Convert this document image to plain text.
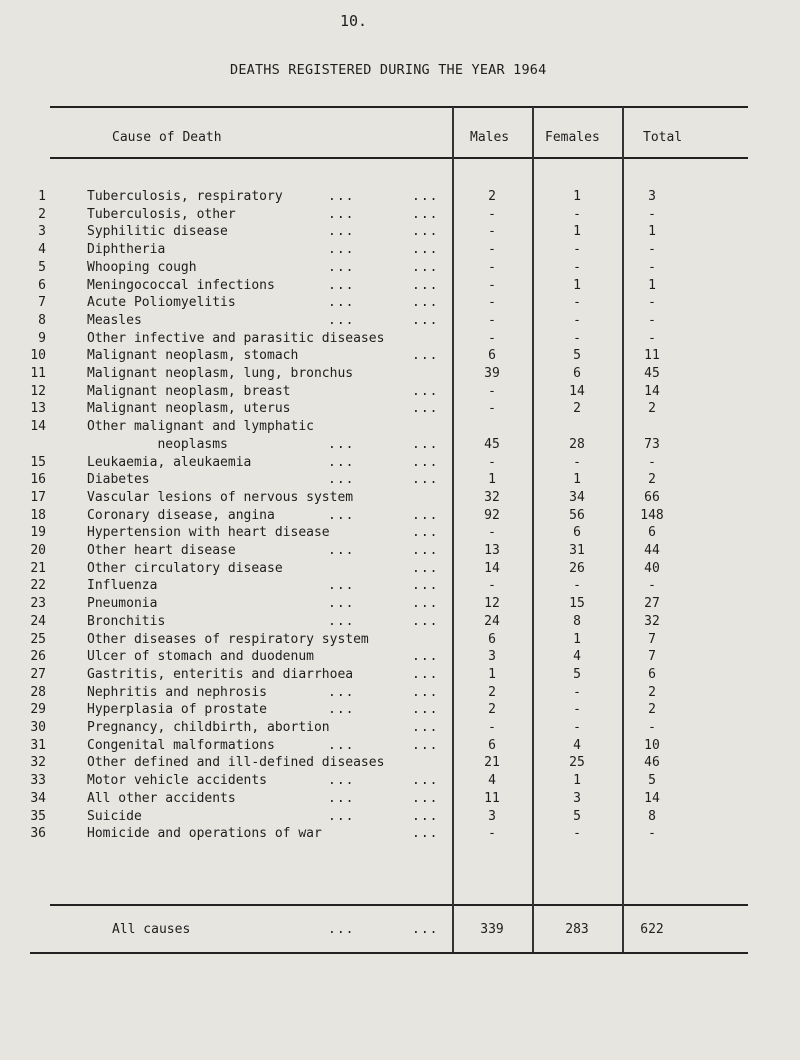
10.
DEATHS REGISTERED DURING THE YEAR 1964
Cause of Death	Males	Females	Total
1	Tuberculosis, respiratory	...	...	2	1	3
2	Tuberculosis, other	...	...	-	-	-
3	Syphilitic disease	...	...	-	1	1
4	Diphtheria	...	...	-	-	-
5	Whooping cough	...	...	-	-	-
6	Meningococcal infections	...	...	-	1	1
7	Acute Poliomyelitis	...	...	-	-	-
8	Measles	...	...	-	-	-
9	Other infective and parasitic diseases	-	-	-
10	Malignant neoplasm, stomach	...	6	5	11
11	Malignant neoplasm, lung, bronchus	39	6	45
12	Malignant neoplasm, breast	...	-	14	14
13	Malignant neoplasm, uterus	...	-	2	2
14	Other malignant and lymphatic
neoplasms	...	...	45	28	73
15	Leukaemia, aleukaemia	...	...	-	-	-
16	Diabetes	...	...	1	1	2
17	Vascular lesions of nervous system	32	34	66
18	Coronary disease, angina	...	...	92	56	148
19	Hypertension with heart disease	...	-	6	6
20	Other heart disease	...	...	13	31	44
21	Other circulatory disease	...	14	26	40
22	Influenza	...	...	-	-	-
23	Pneumonia	...	...	12	15	27
24	Bronchitis	...	...	24	8	32
25	Other diseases of respiratory system	6	1	7
26	Ulcer of stomach and duodenum	...	3	4	7
27	Gastritis, enteritis and diarrhoea	...	1	5	6
28	Nephritis and nephrosis	...	...	2	-	2
29	Hyperplasia of prostate	...	...	2	-	2
30	Pregnancy, childbirth, abortion	...	-	-	-
31	Congenital malformations	...	...	6	4	10
32	Other defined and ill-defined diseases	21	25	46
33	Motor vehicle accidents	...	...	4	1	5
34	All other accidents	...	...	11	3	14
35	Suicide	...	...	3	5	8
36	Homicide and operations of war	...	-	-	-
All causes	...	...	339	283	622
